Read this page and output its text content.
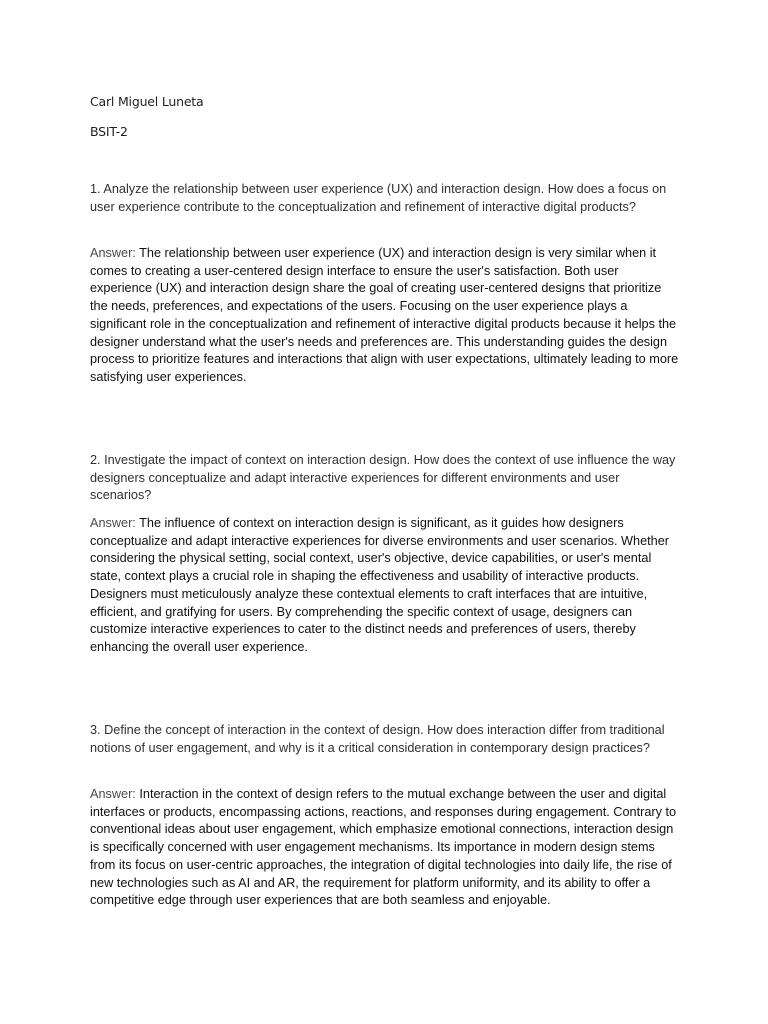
Carl Miguel Luneta
BSIT-2
1. Analyze the relationship between user experience (UX) and interaction design. How does a focus on user experience contribute to the conceptualization and refinement of interactive digital products?
Answer: The relationship between user experience (UX) and interaction design is very similar when it comes to creating a user-centered design interface to ensure the user's satisfaction. Both user experience (UX) and interaction design share the goal of creating user-centered designs that prioritize the needs, preferences, and expectations of the users. Focusing on the user experience plays a significant role in the conceptualization and refinement of interactive digital products because it helps the designer understand what the user's needs and preferences are. This understanding guides the design process to prioritize features and interactions that align with user expectations, ultimately leading to more satisfying user experiences.
2. Investigate the impact of context on interaction design. How does the context of use influence the way designers conceptualize and adapt interactive experiences for different environments and user scenarios?
Answer: The influence of context on interaction design is significant, as it guides how designers conceptualize and adapt interactive experiences for diverse environments and user scenarios. Whether considering the physical setting, social context, user's objective, device capabilities, or user's mental state, context plays a crucial role in shaping the effectiveness and usability of interactive products. Designers must meticulously analyze these contextual elements to craft interfaces that are intuitive, efficient, and gratifying for users. By comprehending the specific context of usage, designers can customize interactive experiences to cater to the distinct needs and preferences of users, thereby enhancing the overall user experience.
3. Define the concept of interaction in the context of design. How does interaction differ from traditional notions of user engagement, and why is it a critical consideration in contemporary design practices?
Answer: Interaction in the context of design refers to the mutual exchange between the user and digital interfaces or products, encompassing actions, reactions, and responses during engagement. Contrary to conventional ideas about user engagement, which emphasize emotional connections, interaction design is specifically concerned with user engagement mechanisms. Its importance in modern design stems from its focus on user-centric approaches, the integration of digital technologies into daily life, the rise of new technologies such as AI and AR, the requirement for platform uniformity, and its ability to offer a competitive edge through user experiences that are both seamless and enjoyable.
